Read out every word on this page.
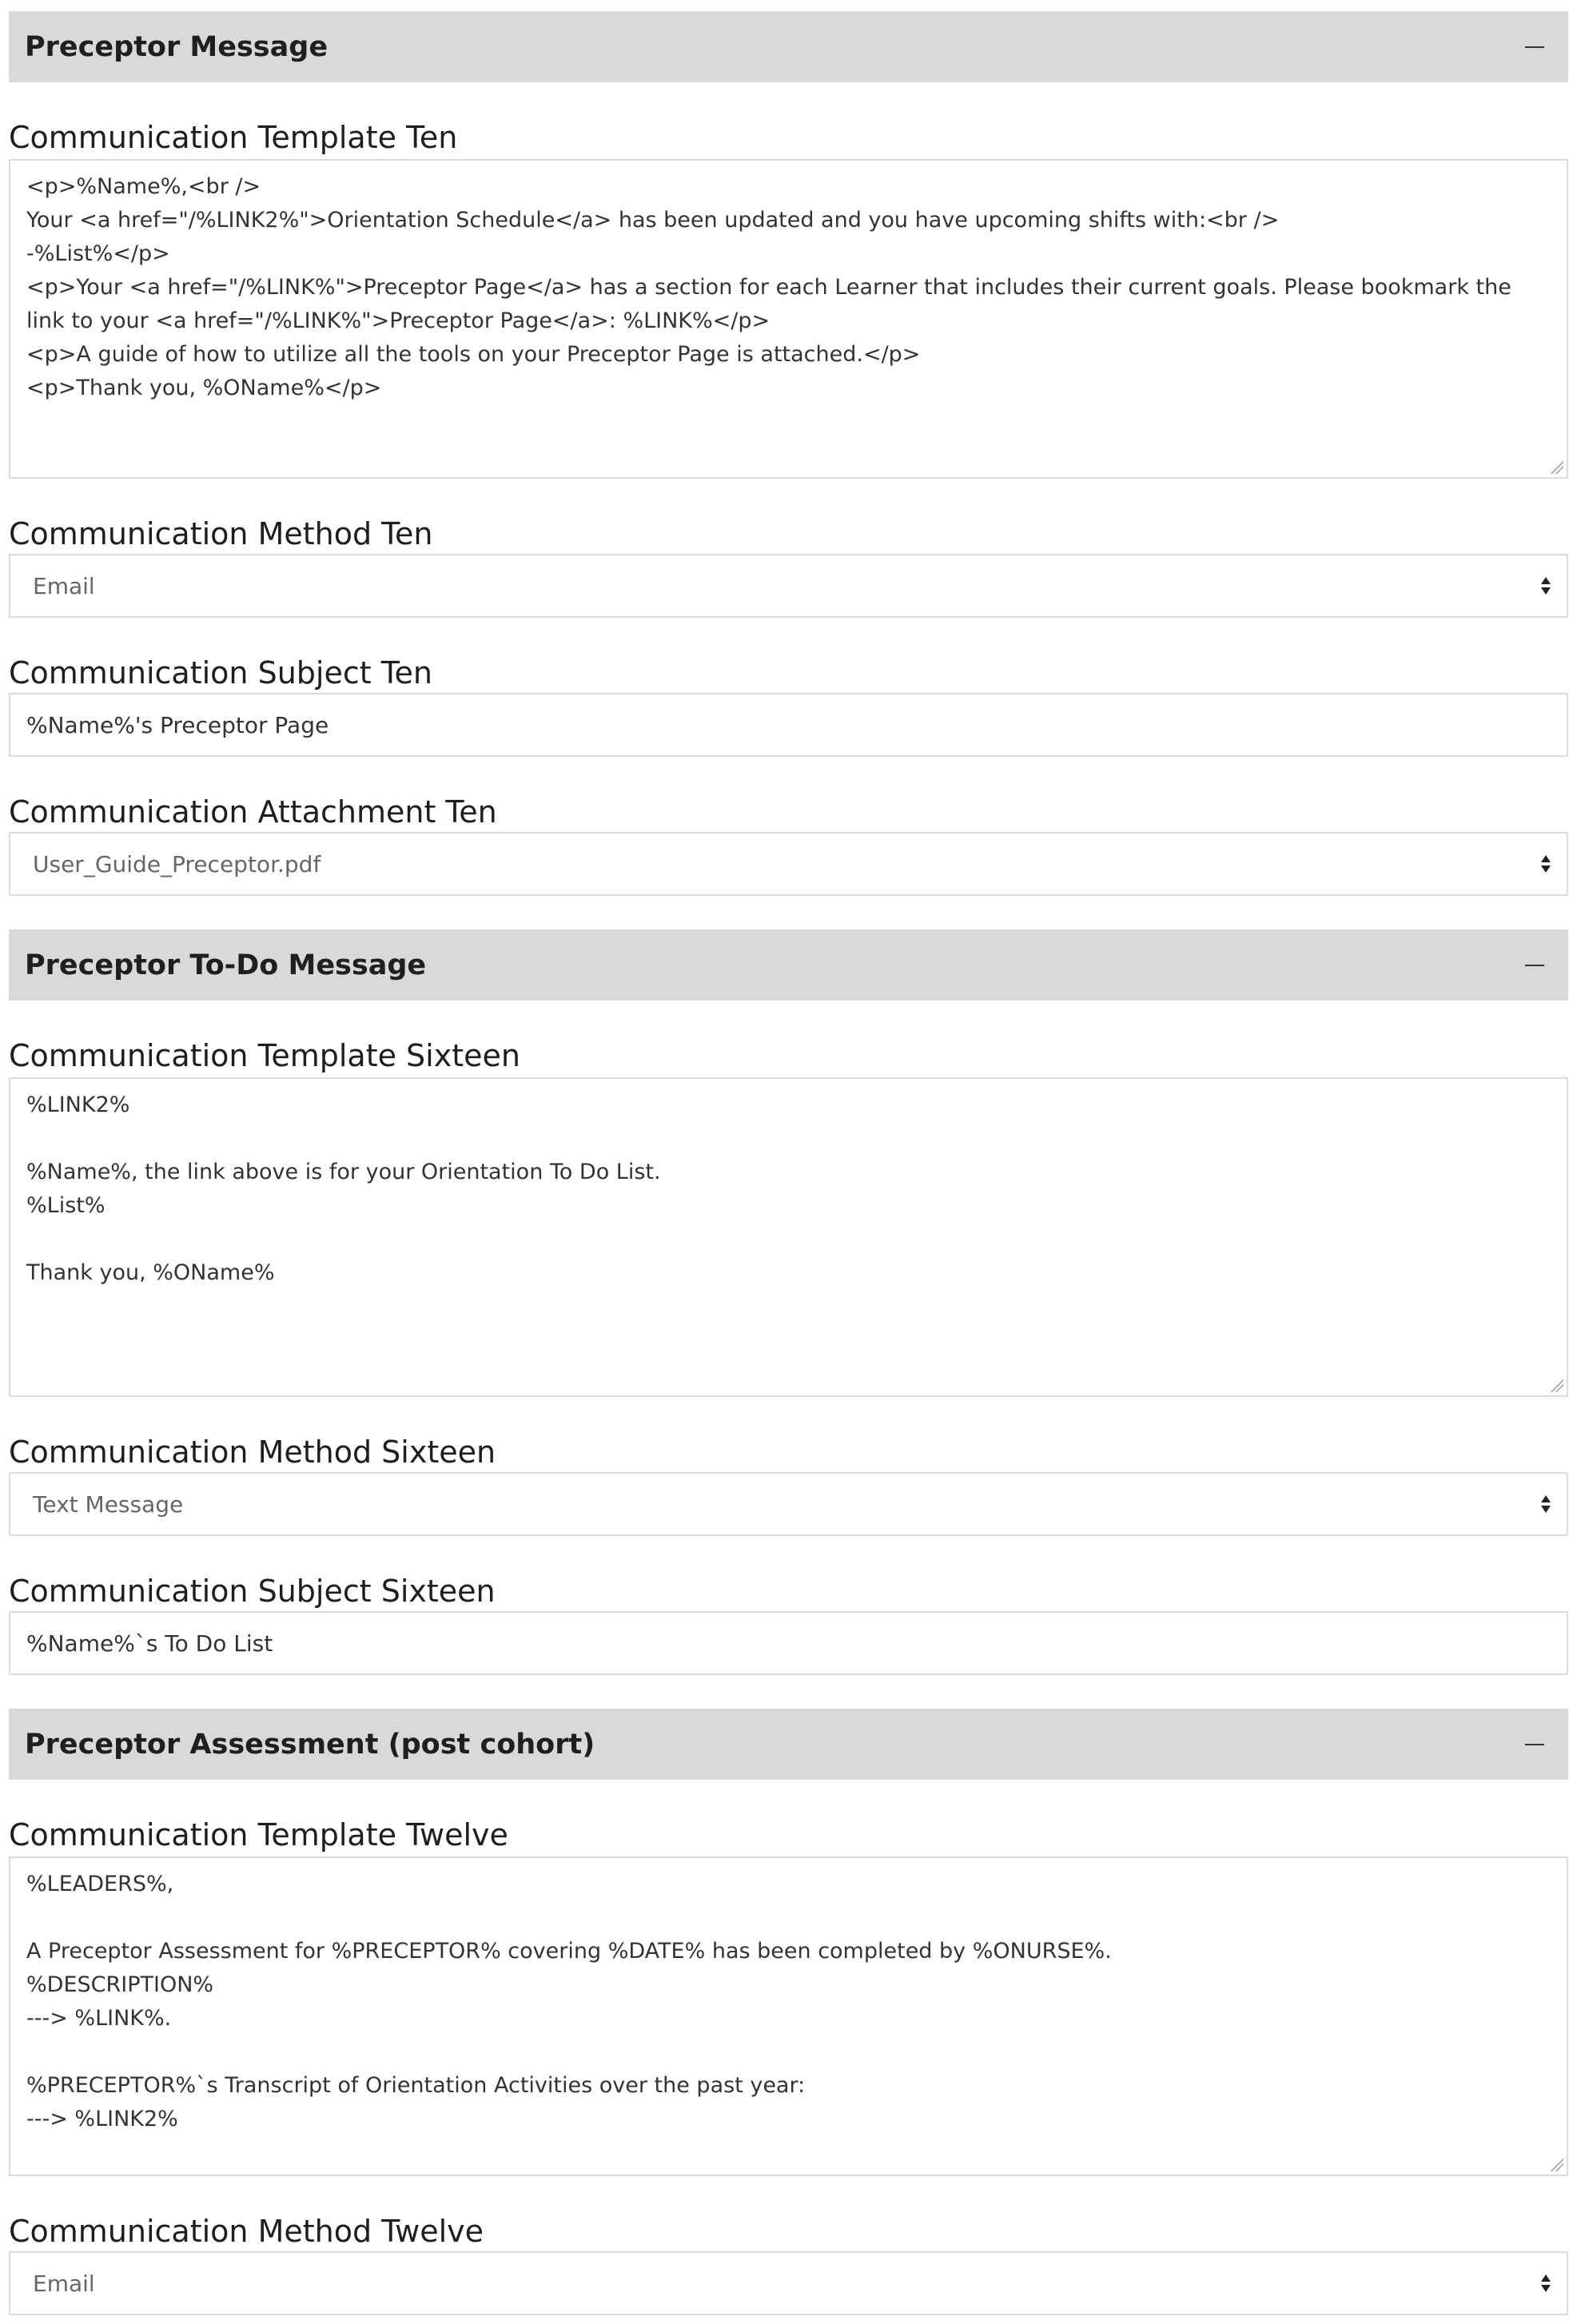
Preceptor Message
Communication Template Ten
<p>%Name%,<br />
Your <a href="/%LINK2%">Orientation Schedule</a> has been updated and you have upcoming shifts with:<br />
-%List%</p>
<p>Your <a href="/%LINK%">Preceptor Page</a> has a section for each Learner that includes their current goals. Please bookmark the link to your <a href="/%LINK%">Preceptor Page</a>: %LINK%</p>
<p>A guide of how to utilize all the tools on your Preceptor Page is attached.</p>
<p>Thank you, %OName%</p>
Communication Method Ten
Email
Communication Subject Ten
%Name%'s Preceptor Page
Communication Attachment Ten
User_Guide_Preceptor.pdf
Preceptor To-Do Message
Communication Template Sixteen
%LINK2%

%Name%, the link above is for your Orientation To Do List.
%List%

Thank you, %OName%
Communication Method Sixteen
Text Message
Communication Subject Sixteen
%Name%`s To Do List
Preceptor Assessment (post cohort)
Communication Template Twelve
%LEADERS%,

A Preceptor Assessment for %PRECEPTOR% covering %DATE% has been completed by %ONURSE%.
%DESCRIPTION%
---> %LINK%.

%PRECEPTOR%`s Transcript of Orientation Activities over the past year:
---> %LINK2%
Communication Method Twelve
Email
